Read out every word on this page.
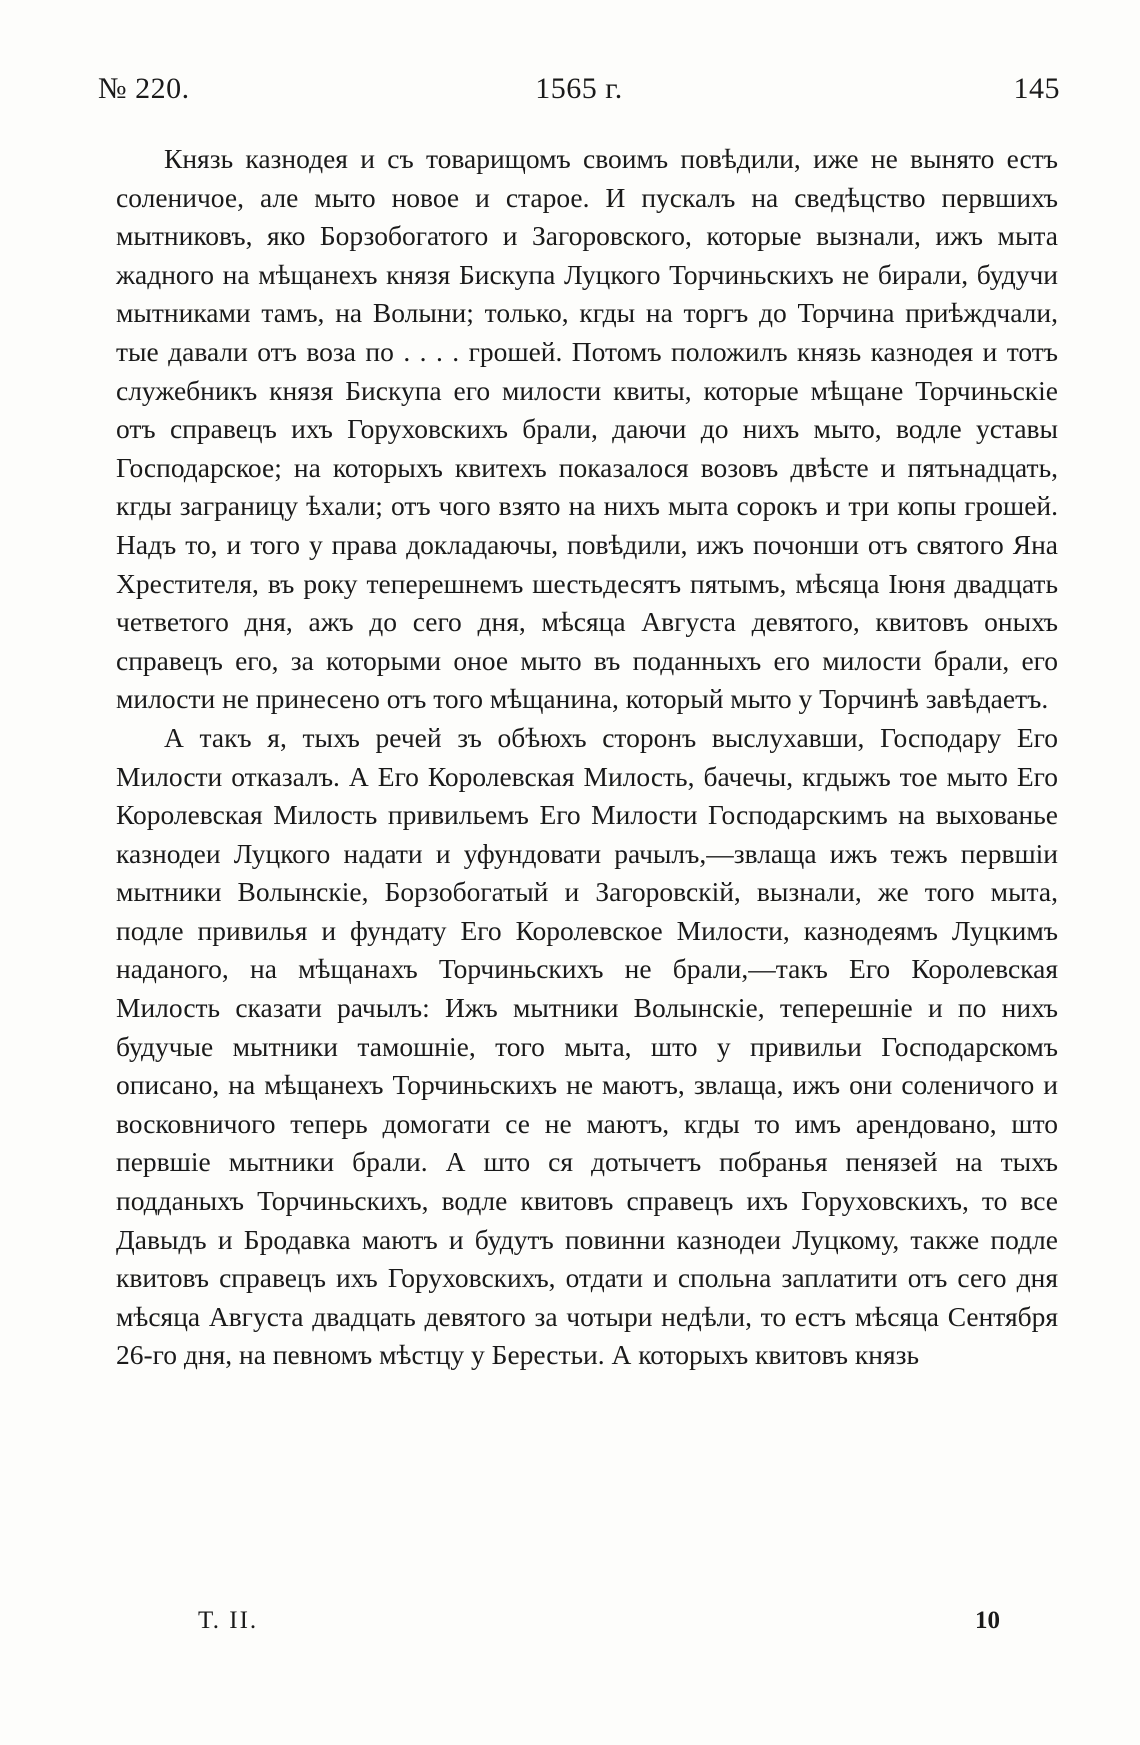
№ 220.	1565 г.	145

Князь казнодея и съ товарищомъ своимъ повѣдили, иже не вынято естъ соленичое, але мыто новое и старое. И пускалъ на сведѣцство первшихъ мытниковъ, яко Борзобогатого и Загоровского, которые вызнали, ижъ мыта жадного на мѣщанехъ князя Бискупа Луцкого Торчиньскихъ не бирали, будучи мытниками тамъ, на Волыни; только, кгды на торгъ до Торчина приѣждчали, тые давали отъ воза по . . . . грошей. Потомъ положилъ князь казнодея и тотъ служебникъ князя Бискупа его милости квиты, которые мѣщане Торчиньскіе отъ справецъ ихъ Горуховскихъ брали, даючи до нихъ мыто, водле уставы Господарское; на которыхъ квитехъ показалося возовъ двѣсте и пятьнадцать, кгды заграницу ѣхали; отъ чого взято на нихъ мыта сорокъ и три копы грошей. Надъ то, и того у права докладаючы, повѣдили, ижъ почонши отъ святого Яна Хрестителя, въ року теперешнемъ шестьдесятъ пятымъ, мѣсяца Іюня двадцать четветого дня, ажъ до сего дня, мѣсяца Августа девятого, квитовъ оныхъ справецъ его, за которыми оное мыто въ поданныхъ его милости брали, его милости не принесено отъ того мѣщанина, который мыто у Торчинѣ завѣдаетъ.

А такъ я, тыхъ речей зъ обѣюхъ сторонъ выслухавши, Господару Его Милости отказалъ. А Его Королевская Милость, бачечы, кгдыжъ тое мыто Его Королевская Милость привильемъ Его Милости Господарскимъ на выхованье казнодеи Луцкого надати и уфундовати рачылъ,—звлаща ижъ тежъ первшіи мытники Волынскіе, Борзобогатый и Загоровскій, вызнали, же того мыта, подле привилья и фундату Его Королевское Милости, казнодеямъ Луцкимъ наданого, на мѣщанахъ Торчиньскихъ не брали,—такъ Его Королевская Милость сказати рачылъ: Ижъ мытники Волынскіе, теперешніе и по нихъ будучые мытники тамошніе, того мыта, што у привильи Господарскомъ описано, на мѣщанехъ Торчиньскихъ не маютъ, звлаща, ижъ они соленичого и восковничого теперь домогати се не маютъ, кгды то имъ арендовано, што первшіе мытники брали. А што ся дотычетъ побранья пенязей на тыхъ подданыхъ Торчиньскихъ, водле квитовъ справецъ ихъ Горуховскихъ, то все Давыдъ и Бродавка маютъ и будутъ повинни казнодеи Луцкому, также подле квитовъ справецъ ихъ Горуховскихъ, отдати и спольна заплатити отъ сего дня мѣсяца Августа двадцать девятого за чотыри недѣли, то естъ мѣсяца Сентября 26-го дня, на певномъ мѣстцу у Берестьи. А которыхъ квитовъ князь

Т. II.	10
